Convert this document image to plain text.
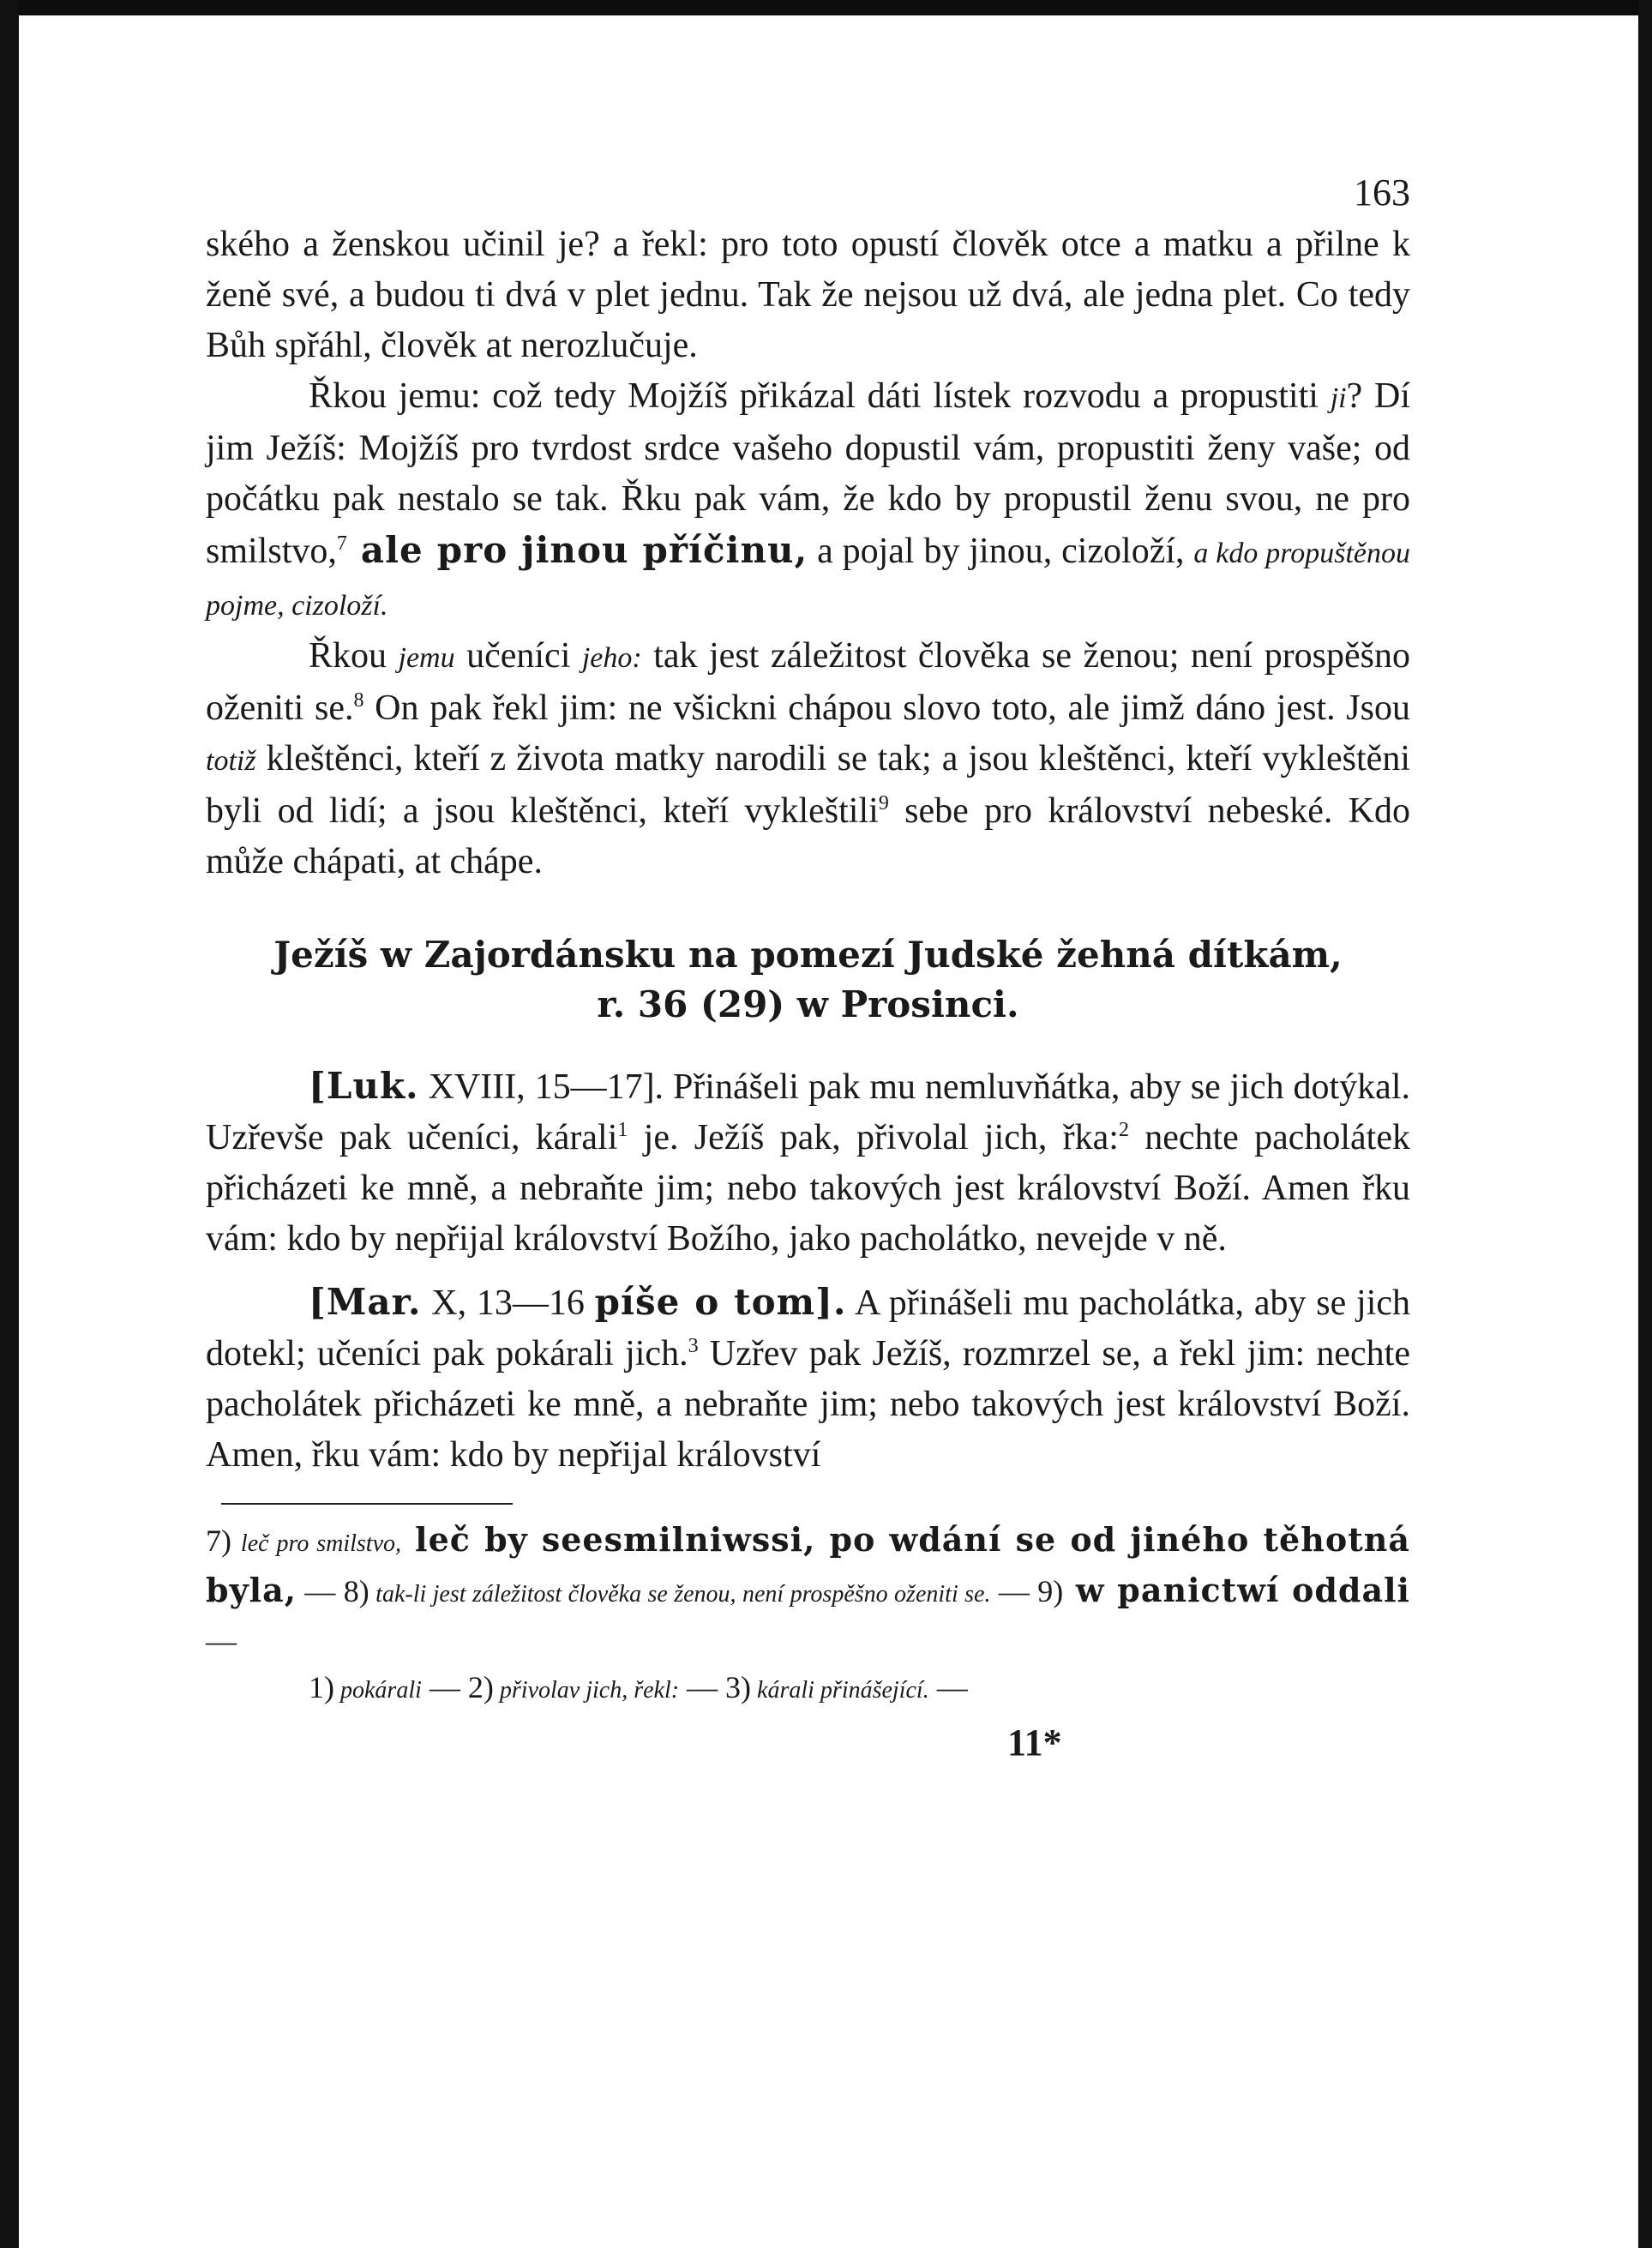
163

ského a ženskou učinil je? a řekl: pro toto opustí člověk otce a matku a přilne k ženě své, a budou ti dvá v plet jednu. Tak že nejsou už dvá, ale jedna plet. Co tedy Bůh spřáhl, člověk at nerozlučuje.

Řkou jemu: což tedy Mojžíš přikázal dáti lístek rozvodu a propustiti ji? Dí jim Ježíš: Mojžíš pro tvrdost srdce vašeho dopustil vám, propustiti ženy vaše; od počátku pak nestalo se tak. Řku pak vám, že kdo by propustil ženu svou, ne pro smilstvo,$^7$ ale pro jinou příčinu, a pojal by jinou, cizoloží, a kdo propuštěnou pojme, cizoloží.

Řkou jemu učeníci jeho: tak jest záležitost člověka se ženou; není prospěšno oženiti se.$^8$ On pak řekl jim: ne všickni chápou slovo toto, ale jimž dáno jest. Jsou totiž kleštěnci, kteří z života matky narodili se tak; a jsou kleštěnci, kteří vykleštěni byli od lidí; a jsou kleštěnci, kteří vykleštili$^9$ sebe pro království nebeské. Kdo může chápati, at chápe.

Ježíš w Zajordánsku na pomezí Judské žehná dítkám,
r. 36 (29) w Prosinci.

[Luk. XVIII, 15—17]. Přinášeli pak mu nemluvňátka, aby se jich dotýkal. Uzřevše pak učeníci, kárali$^1$ je. Ježíš pak, přivolal jich, řka:$^2$ nechte pacholátek přicházeti ke mně, a nebraňte jim; nebo takových jest království Boží. Amen řku vám: kdo by nepřijal království Božího, jako pacholátko, nevejde v ně.

[Mar. X, 13—16 píše o tom]. A přinášeli mu pacholátka, aby se jich dotekl; učeníci pak pokárali jich.$^3$ Uzřev pak Ježíš, rozmrzel se, a řekl jim: nechte pacholátek přicházeti ke mně, a nebraňte jim; nebo takových jest království Boží. Amen, řku vám: kdo by nepřijal království

7) leč pro smilstvo, leč by seesmilniwssi, po wdání se od jiného těhotná byla, — 8) tak-li jest záležitost člověka se ženou, není prospěšno oženiti se. — 9) w panictwí oddali —

1) pokárali — 2) přivolav jich, řekl: — 3) kárali přinášející. —

11*
